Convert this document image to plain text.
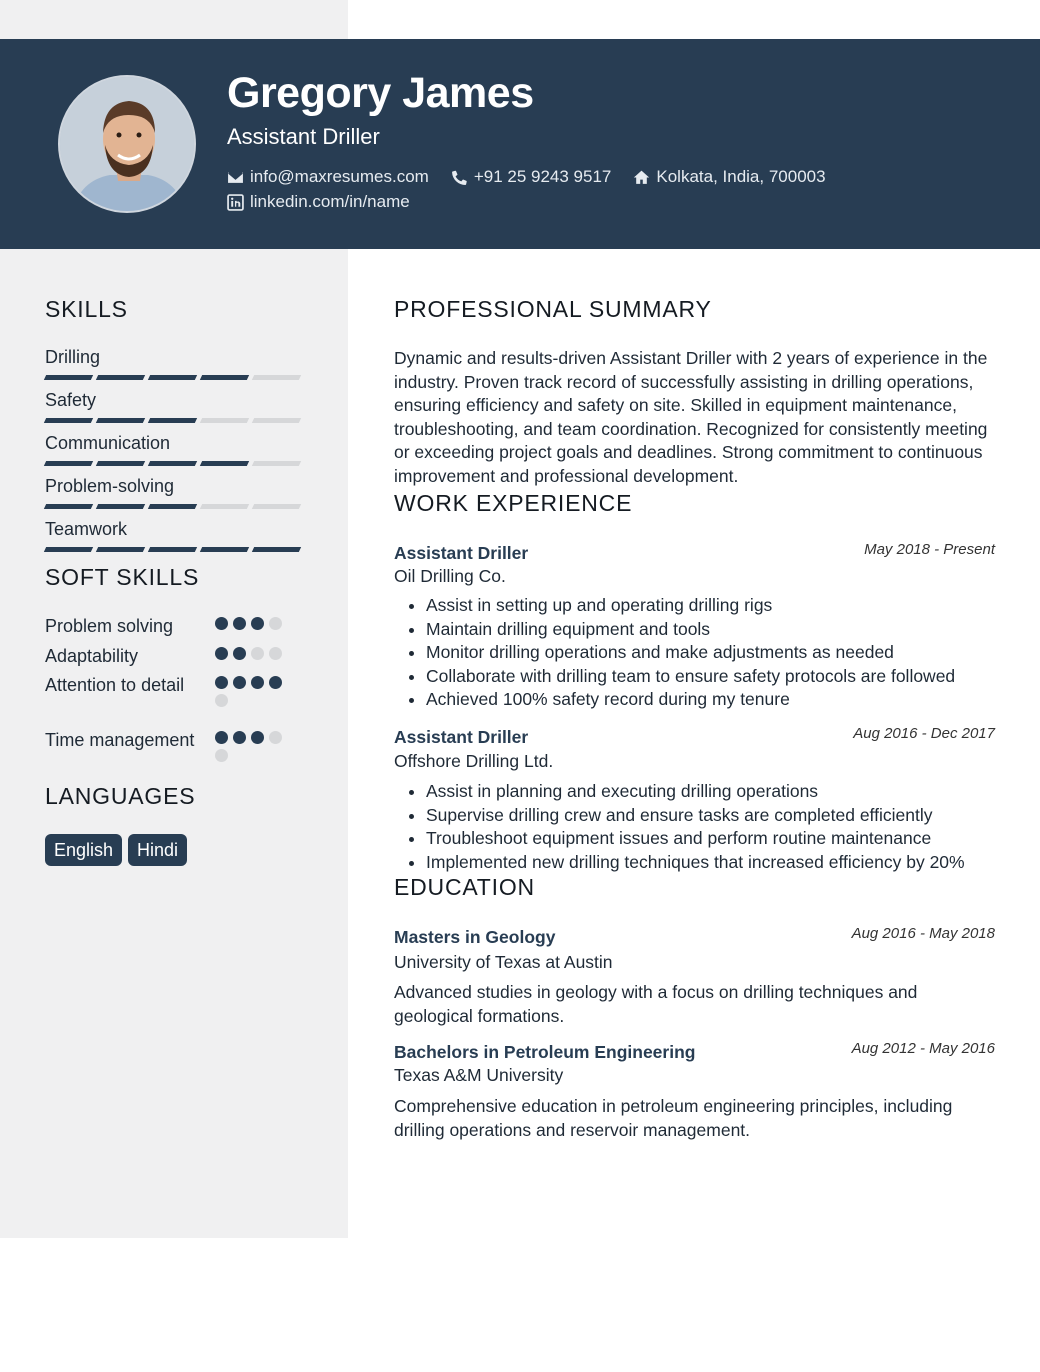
Gregory James
Assistant Driller
info@maxresumes.com	+91 25 9243 9517	Kolkata, India, 700003
linkedin.com/in/name
SKILLS
Drilling
Safety
Communication
Problem-solving
Teamwork
SOFT SKILLS
Problem solving
Adaptability
Attention to detail
Time management
LANGUAGES
English	Hindi
PROFESSIONAL SUMMARY
Dynamic and results-driven Assistant Driller with 2 years of experience in the industry. Proven track record of successfully assisting in drilling operations, ensuring efficiency and safety on site. Skilled in equipment maintenance, troubleshooting, and team coordination. Recognized for consistently meeting or exceeding project goals and deadlines. Strong commitment to continuous improvement and professional development.
WORK EXPERIENCE
Assistant Driller	May 2018 - Present
Oil Drilling Co.
• Assist in setting up and operating drilling rigs
• Maintain drilling equipment and tools
• Monitor drilling operations and make adjustments as needed
• Collaborate with drilling team to ensure safety protocols are followed
• Achieved 100% safety record during my tenure
Assistant Driller	Aug 2016 - Dec 2017
Offshore Drilling Ltd.
• Assist in planning and executing drilling operations
• Supervise drilling crew and ensure tasks are completed efficiently
• Troubleshoot equipment issues and perform routine maintenance
• Implemented new drilling techniques that increased efficiency by 20%
EDUCATION
Masters in Geology	Aug 2016 - May 2018
University of Texas at Austin
Advanced studies in geology with a focus on drilling techniques and geological formations.
Bachelors in Petroleum Engineering	Aug 2012 - May 2016
Texas A&M University
Comprehensive education in petroleum engineering principles, including drilling operations and reservoir management.
